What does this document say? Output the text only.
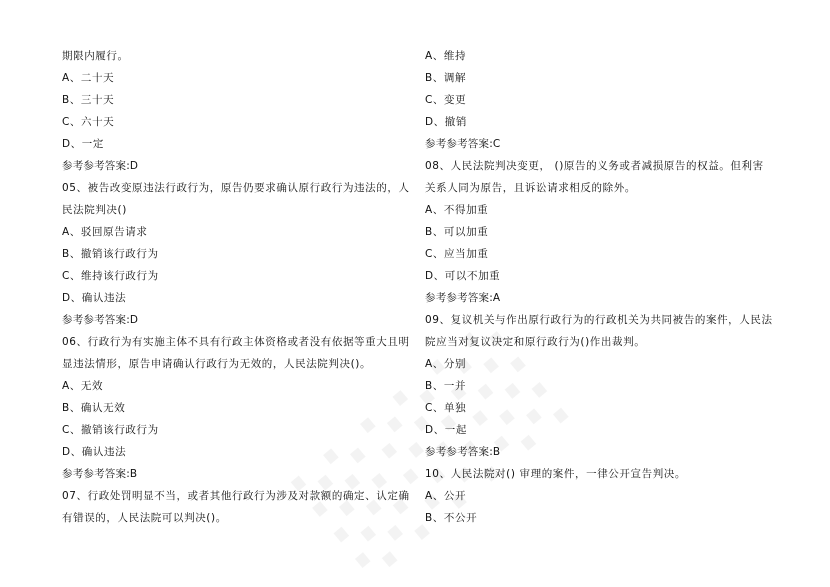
期限内履行。
A、二十天
B、三十天
C、六十天
D、一定
参考参考答案:D
05、被告改变原违法行政行为，原告仍要求确认原行政行为违法的，人
民法院判决()
A、驳回原告请求
B、撤销该行政行为
C、维持该行政行为
D、确认违法
参考参考答案:D
06、行政行为有实施主体不具有行政主体资格或者没有依据等重大且明
显违法情形，原告申请确认行政行为无效的，人民法院判决()。
A、无效
B、确认无效
C、撤销该行政行为
D、确认违法
参考参考答案:B
07、行政处罚明显不当，或者其他行政行为涉及对款额的确定、认定确
有错误的，人民法院可以判决()。
A、维持
B、调解
C、变更
D、撤销
参考参考答案:C
08、人民法院判决变更， ()原告的义务或者减损原告的权益。但利害
关系人同为原告，且诉讼请求相反的除外。
A、不得加重
B、可以加重
C、应当加重
D、可以不加重
参考参考答案:A
09、复议机关与作出原行政行为的行政机关为共同被告的案件，人民法
院应当对复议决定和原行政行为()作出裁判。
A、分别
B、一并
C、单独
D、一起
参考参考答案:B
10、人民法院对() 审理的案件，一律公开宣告判决。
A、公开
B、不公开
